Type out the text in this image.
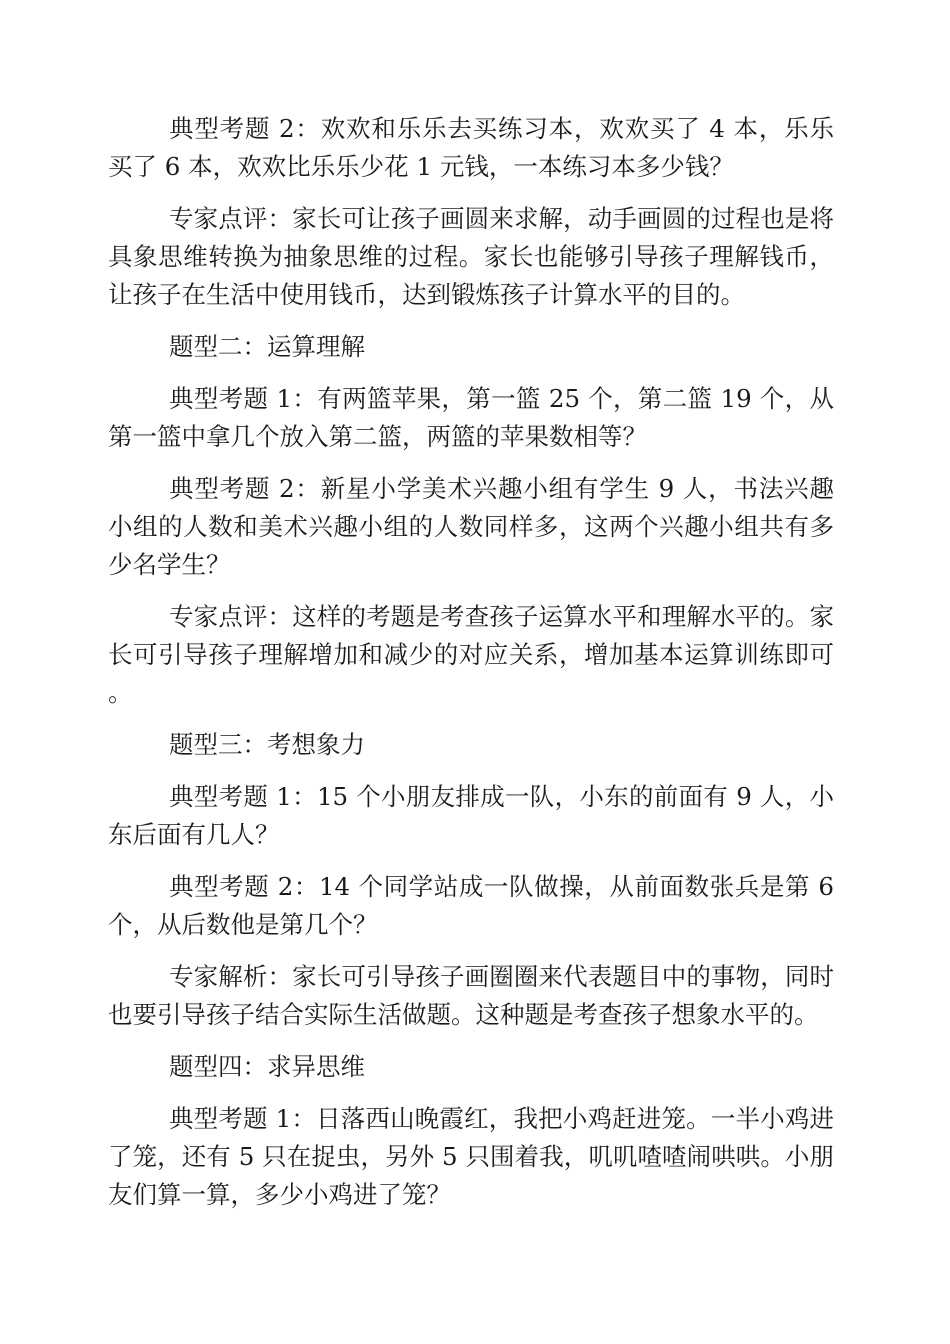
典型考题 2：欢欢和乐乐去买练习本，欢欢买了 4 本，乐乐买了 6 本，欢欢比乐乐少花 1 元钱，一本练习本多少钱？

专家点评：家长可让孩子画圆来求解，动手画圆的过程也是将具象思维转换为抽象思维的过程。家长也能够引导孩子理解钱币，让孩子在生活中使用钱币，达到锻炼孩子计算水平的目的。

题型二：运算理解

典型考题 1：有两篮苹果，第一篮 25 个，第二篮 19 个，从第一篮中拿几个放入第二篮，两篮的苹果数相等？

典型考题 2：新星小学美术兴趣小组有学生 9 人，书法兴趣小组的人数和美术兴趣小组的人数同样多，这两个兴趣小组共有多少名学生？

专家点评：这样的考题是考查孩子运算水平和理解水平的。家长可引导孩子理解增加和减少的对应关系，增加基本运算训练即可。

题型三：考想象力

典型考题 1：15 个小朋友排成一队，小东的前面有 9 人，小东后面有几人？

典型考题 2：14 个同学站成一队做操，从前面数张兵是第 6 个，从后数他是第几个？

专家解析：家长可引导孩子画圈圈来代表题目中的事物，同时也要引导孩子结合实际生活做题。这种题是考查孩子想象水平的。

题型四：求异思维

典型考题 1：日落西山晚霞红，我把小鸡赶进笼。一半小鸡进了笼，还有 5 只在捉虫，另外 5 只围着我，叽叽喳喳闹哄哄。小朋友们算一算，多少小鸡进了笼？
